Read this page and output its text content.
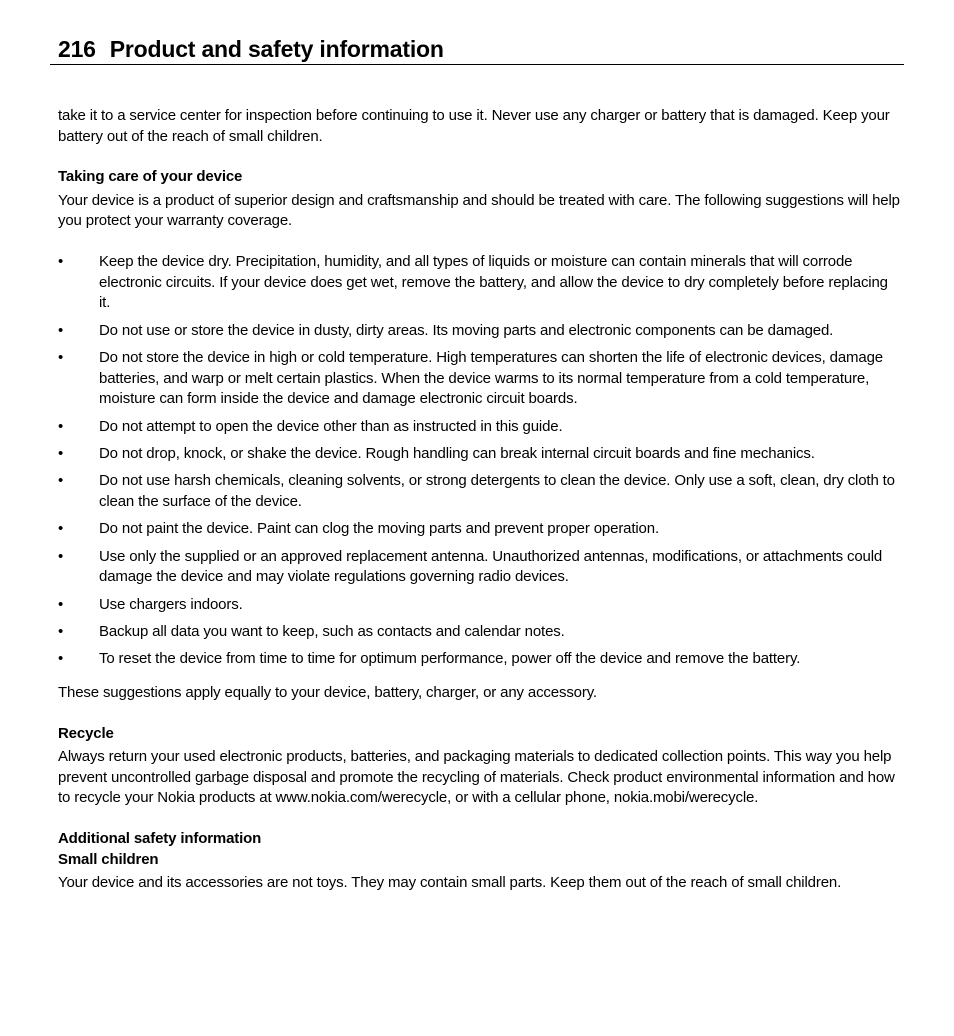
216 Product and safety information

take it to a service center for inspection before continuing to use it. Never use any charger or battery that is damaged. Keep your battery out of the reach of small children.

Taking care of your device

Your device is a product of superior design and craftsmanship and should be treated with care. The following suggestions will help you protect your warranty coverage.

• Keep the device dry. Precipitation, humidity, and all types of liquids or moisture can contain minerals that will corrode electronic circuits. If your device does get wet, remove the battery, and allow the device to dry completely before replacing it.
• Do not use or store the device in dusty, dirty areas. Its moving parts and electronic components can be damaged.
• Do not store the device in high or cold temperature. High temperatures can shorten the life of electronic devices, damage batteries, and warp or melt certain plastics. When the device warms to its normal temperature from a cold temperature, moisture can form inside the device and damage electronic circuit boards.
• Do not attempt to open the device other than as instructed in this guide.
• Do not drop, knock, or shake the device. Rough handling can break internal circuit boards and fine mechanics.
• Do not use harsh chemicals, cleaning solvents, or strong detergents to clean the device. Only use a soft, clean, dry cloth to clean the surface of the device.
• Do not paint the device. Paint can clog the moving parts and prevent proper operation.
• Use only the supplied or an approved replacement antenna. Unauthorized antennas, modifications, or attachments could damage the device and may violate regulations governing radio devices.
• Use chargers indoors.
• Backup all data you want to keep, such as contacts and calendar notes.
• To reset the device from time to time for optimum performance, power off the device and remove the battery.

These suggestions apply equally to your device, battery, charger, or any accessory.

Recycle

Always return your used electronic products, batteries, and packaging materials to dedicated collection points. This way you help prevent uncontrolled garbage disposal and promote the recycling of materials. Check product environmental information and how to recycle your Nokia products at www.nokia.com/werecycle, or with a cellular phone, nokia.mobi/werecycle.

Additional safety information

Small children

Your device and its accessories are not toys. They may contain small parts. Keep them out of the reach of small children.
